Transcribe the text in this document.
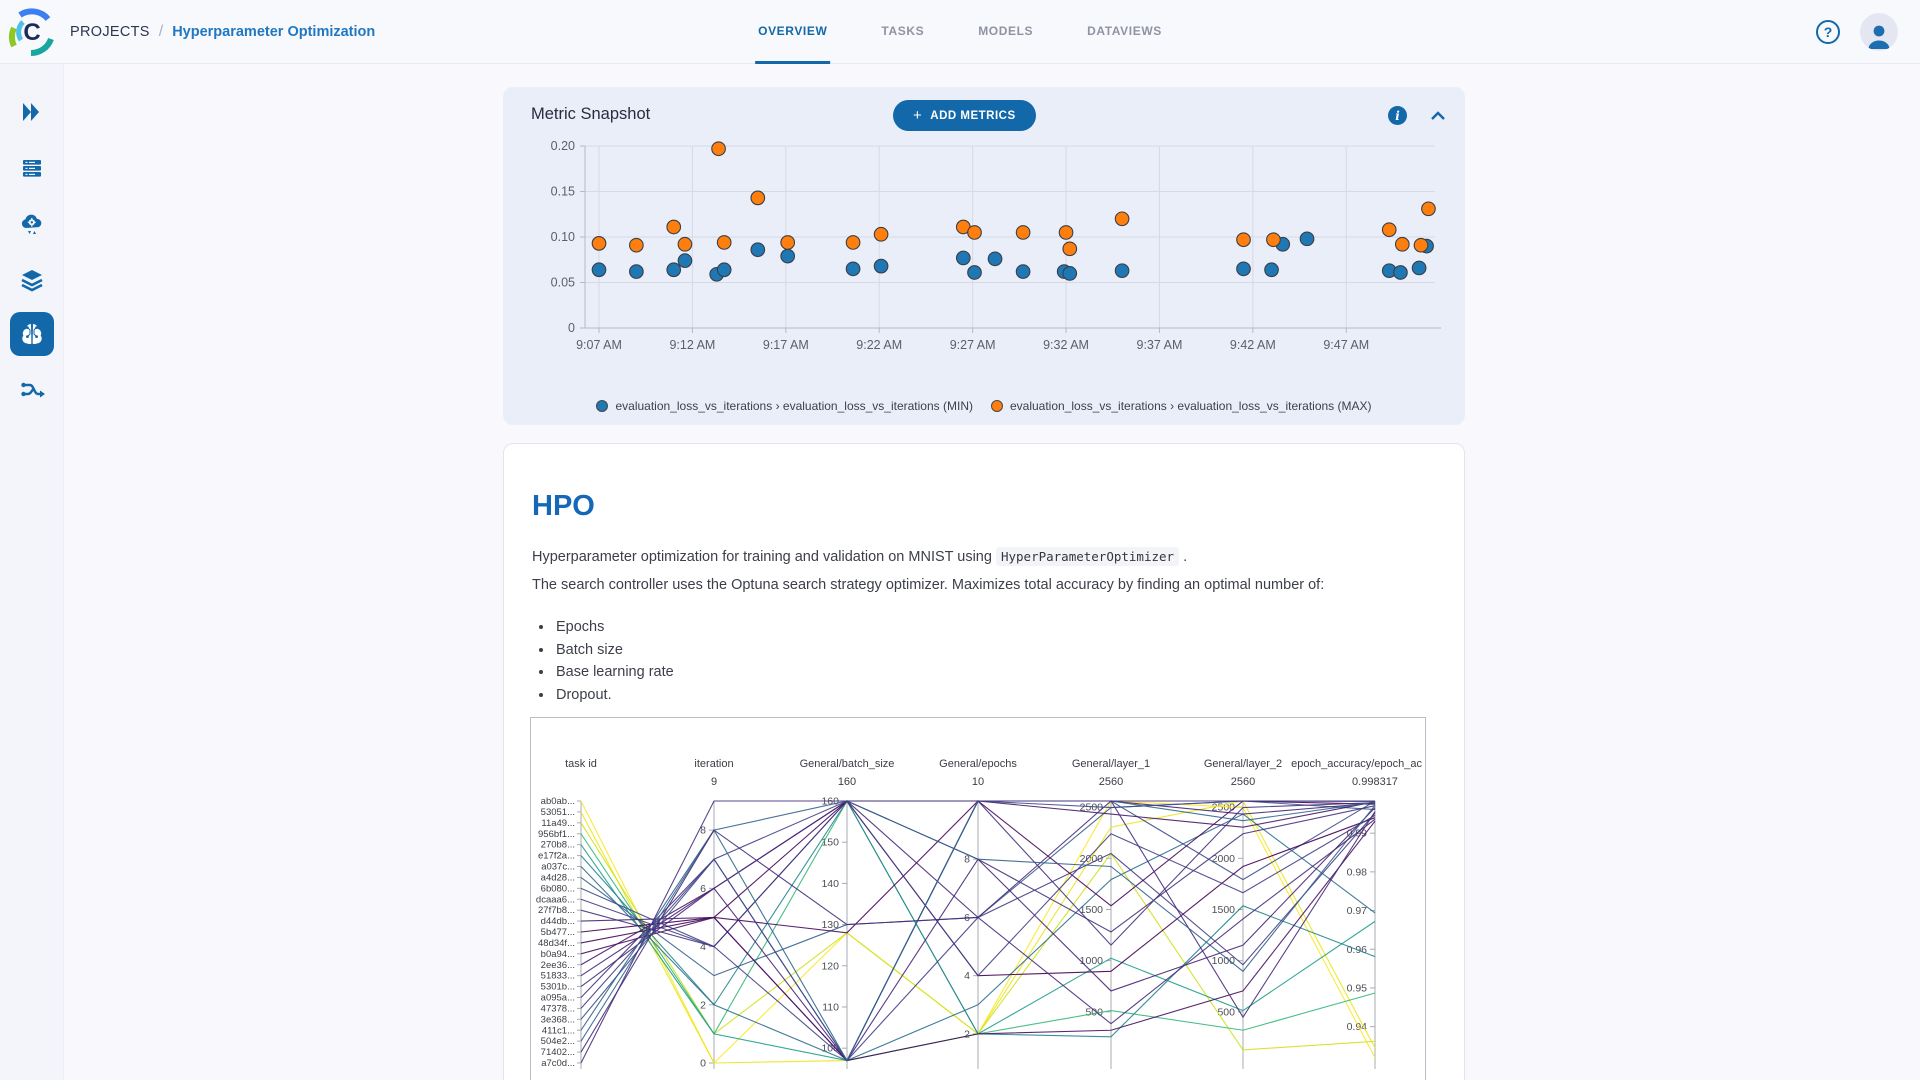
C PROJECTS / Hyperparameter Optimization	OVERVIEW	TASKS	MODELS	DATAVIEWS	?
Metric Snapshot	+ ADD METRICS	i
0
0.05
0.10
0.15
0.20
9:07 AM	9:12 AM	9:17 AM	9:22 AM	9:27 AM	9:32 AM	9:37 AM	9:42 AM	9:47 AM
evaluation_loss_vs_iterations › evaluation_loss_vs_iterations (MIN)	evaluation_loss_vs_iterations › evaluation_loss_vs_iterations (MAX)
HPO
Hyperparameter optimization for training and validation on MNIST using HyperParameterOptimizer .
The search controller uses the Optuna search strategy optimizer. Maximizes total accuracy by finding an optimal number of:
• Epochs
• Batch size
• Base learning rate
• Dropout.
task id	iteration
9
General/batch_size
160
General/epochs
10
General/layer_1
2560
General/layer_2
2560
epoch_accuracy/epoch_ac
0.998317
8
6
4
2
0
160
150
140
130
120
110
100
8
6
4
2
2500
2000
1500
1000
500
2500
2000
1500
1000
500
0.99
0.98
0.97
0.96
0.95
0.94
ab0ab...
53051...
11a49...
956bf1...
270b8...
e17f2a...
a037c...
a4d28...
6b080...
dcaaa6...
27f7b8...
d44db...
5b477...
48d34f...
b0a94...
2ee36...
51833...
5301b...
a095a...
47378...
3e368...
411c1...
504e2...
71402...
a7c0d...
